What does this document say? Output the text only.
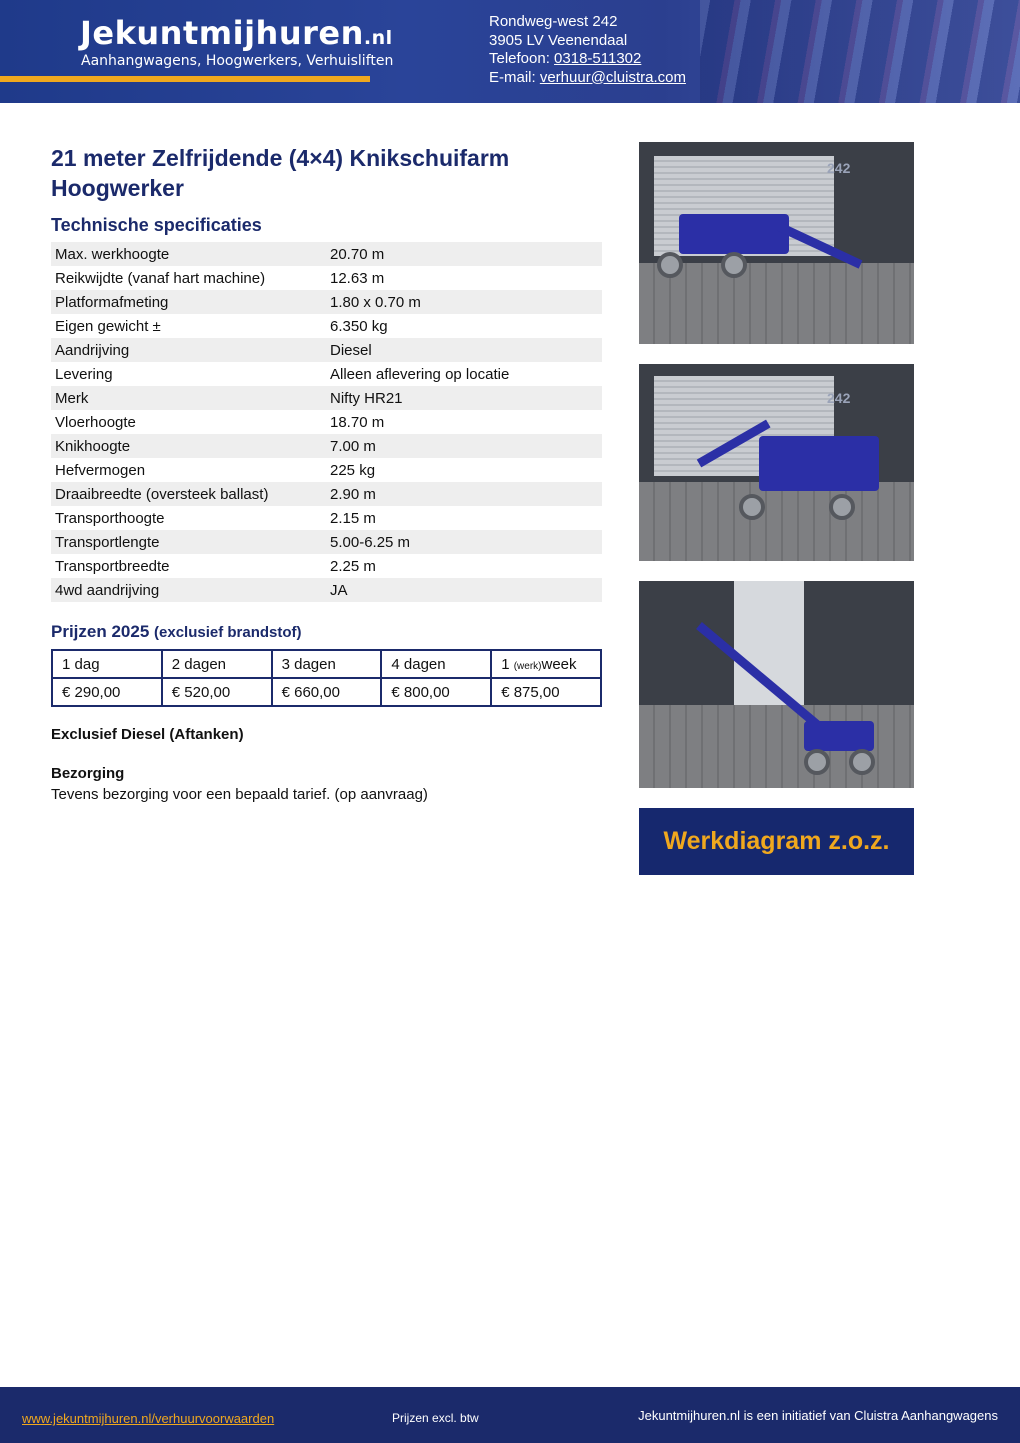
Jekuntmijhuren.nl
Aanhangwagens, Hoogwerkers, Verhuisliften
Rondweg-west 242
3905 LV Veenendaal
Telefoon: 0318-511302
E-mail: verhuur@cluistra.com
21 meter Zelfrijdende (4×4) Knikschuifarm Hoogwerker
Technische specificaties
Max. werkhoogte	20.70 m
Reikwijdte (vanaf hart machine)	12.63 m
Platformafmeting	1.80 x 0.70 m
Eigen gewicht ±	6.350 kg
Aandrijving	Diesel
Levering	Alleen aflevering op locatie
Merk	Nifty HR21
Vloerhoogte	18.70 m
Knikhoogte	7.00 m
Hefvermogen	225 kg
Draaibreedte (oversteek ballast)	2.90 m
Transporthoogte	2.15 m
Transportlengte	5.00-6.25 m
Transportbreedte	2.25 m
4wd aandrijving	JA
Prijzen 2025 (exclusief brandstof)
1 dag	2 dagen	3 dagen	4 dagen	1 (werk)week
€ 290,00	€ 520,00	€ 660,00	€ 800,00	€ 875,00
Exclusief Diesel (Aftanken)
Bezorging
Tevens bezorging voor een bepaald tarief. (op aanvraag)
242
242
Werkdiagram z.o.z.
www.jekuntmijhuren.nl/verhuurvoorwaarden	Prijzen excl. btw	Jekuntmijhuren.nl is een initiatief van Cluistra Aanhangwagens
